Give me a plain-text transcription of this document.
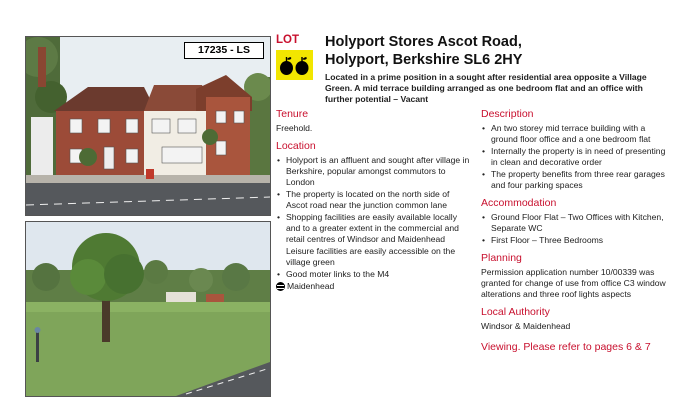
17235 - LS
LOT Holyport Stores Ascot Road,
Holyport, Berkshire SL6 2HY
Located in a prime position in a sought after residential area opposite a Village Green. A mid terrace building arranged as one bedroom flat and an office with further potential – Vacant
Tenure

Freehold.

Location
• Holyport is an affluent and sought after village in Berkshire, popular amongst commutors to London
• The property is located on the north side of Ascot road near the junction common lane
• Shopping facilities are easily available locally and to a greater extent in the commercial and retail centres of Windsor and Maidenhead
Leisure facilities are easily accessible on the village green
• Good moter links to the M4
Maidenhead
Description
• An two storey mid terrace building with a ground floor office and a one bedroom flat
• Internally the property is in need of presenting in clean and decorative order
• The property benefits from three rear garages and four parking spaces
Accommodation
• Ground Floor Flat – Two Offices with Kitchen, Separate WC
• First Floor – Three Bedrooms
Planning

Permission application number 10/00339 was granted for change of use from office C3 window alterations and three roof lights aspects

Local Authority

Windsor & Maidenhead

Viewing. Please refer to pages 6 & 7
